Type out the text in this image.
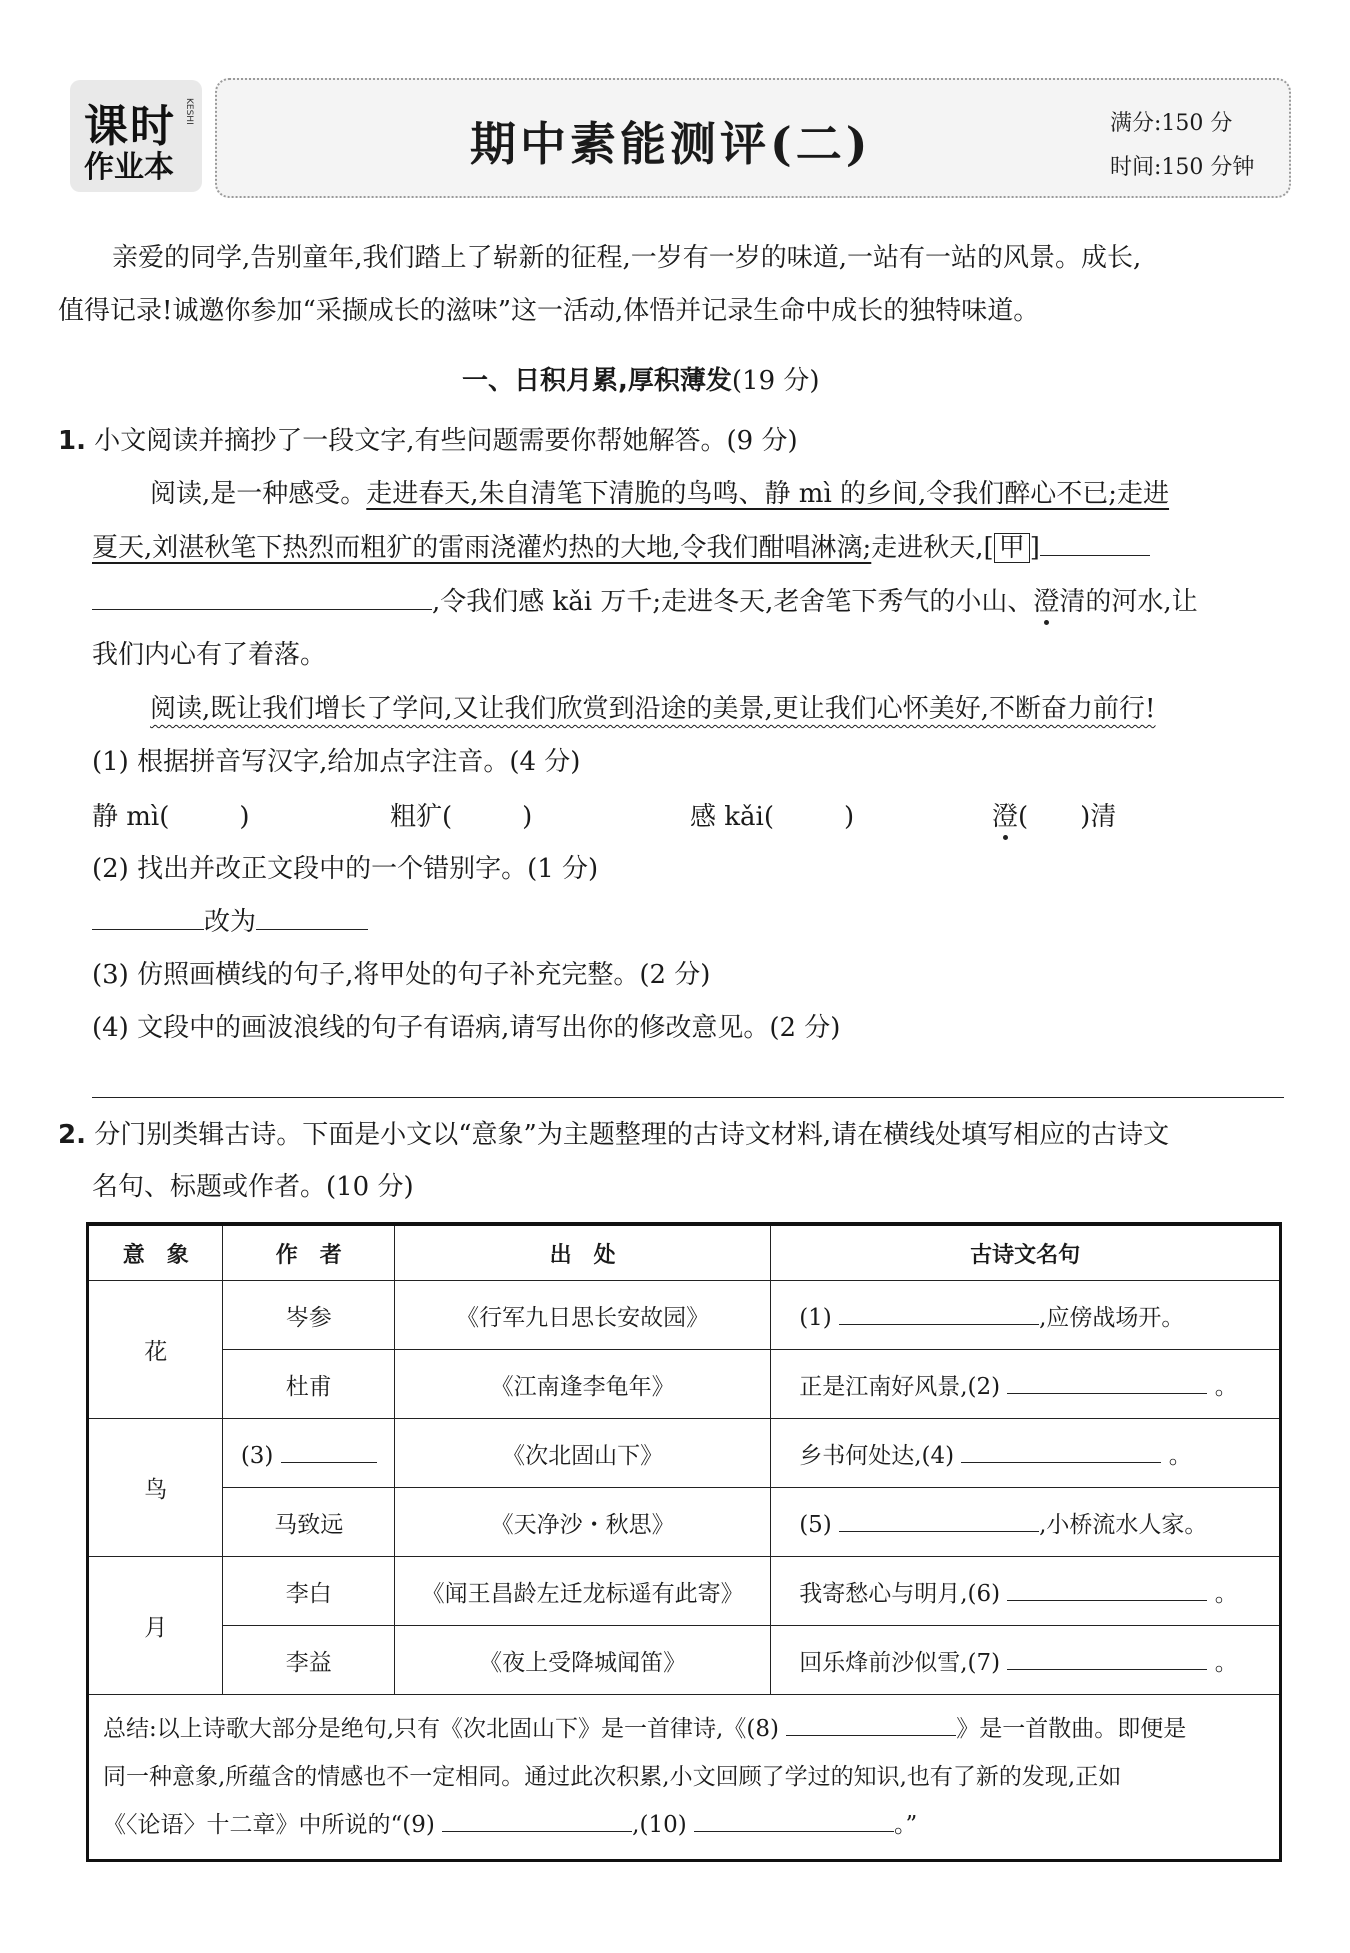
课时
作业本
KESHI
期中素能测评(二)	满分:150 分
时间:150 分钟
亲爱的同学,告别童年,我们踏上了崭新的征程,一岁有一岁的味道,一站有一站的风景。成长,
值得记录!诚邀你参加“采撷成长的滋味”这一活动,体悟并记录生命中成长的独特味道。
一、日积月累,厚积薄发(19 分)
1. 小文阅读并摘抄了一段文字,有些问题需要你帮她解答。(9 分)
阅读,是一种感受。走进春天,朱自清笔下清脆的鸟鸣、静 mì 的乡间,令我们醉心不已;走进
夏天,刘湛秋笔下热烈而粗犷的雷雨浇灌灼热的大地,令我们酣唱淋漓;走进秋天,[ 甲 ]
,令我们感 kǎi 万千;走进冬天,老舍笔下秀气的小山、澄清的河水,让
我们内心有了着落。
阅读,既让我们增长了学问,又让我们欣赏到沿途的美景,更让我们心怀美好,不断奋力前行!
(1) 根据拼音写汉字,给加点字注音。(4 分)
静 mì(	)	粗犷(	)	感 kǎi(	)	澄( )清
(2) 找出并改正文段中的一个错别字。(1 分)
改为
(3) 仿照画横线的句子,将甲处的句子补充完整。(2 分)
(4) 文段中的画波浪线的句子有语病,请写出你的修改意见。(2 分)
2. 分门别类辑古诗。下面是小文以“意象”为主题整理的古诗文材料,请在横线处填写相应的古诗文
名句、标题或作者。(10 分)
意　象	作　者	出　处	古诗文名句
花	岑参	《行军九日思长安故园》	(1) ,应傍战场开。
	杜甫	《江南逢李龟年》	正是江南好风景,(2) 。
鸟	(3)	《次北固山下》	乡书何处达,(4) 。
	马致远	《天净沙・秋思》	(5) ,小桥流水人家。
月	李白	《闻王昌龄左迁龙标遥有此寄》	我寄愁心与明月,(6) 。
	李益	《夜上受降城闻笛》	回乐烽前沙似雪,(7) 。

总结:以上诗歌大部分是绝句,只有《次北固山下》是一首律诗,《(8) 》是一首散曲。即便是
同一种意象,所蕴含的情感也不一定相同。通过此次积累,小文回顾了学过的知识,也有了新的发现,正如
《〈论语〉十二章》中所说的“(9) ,(10) 。”			
